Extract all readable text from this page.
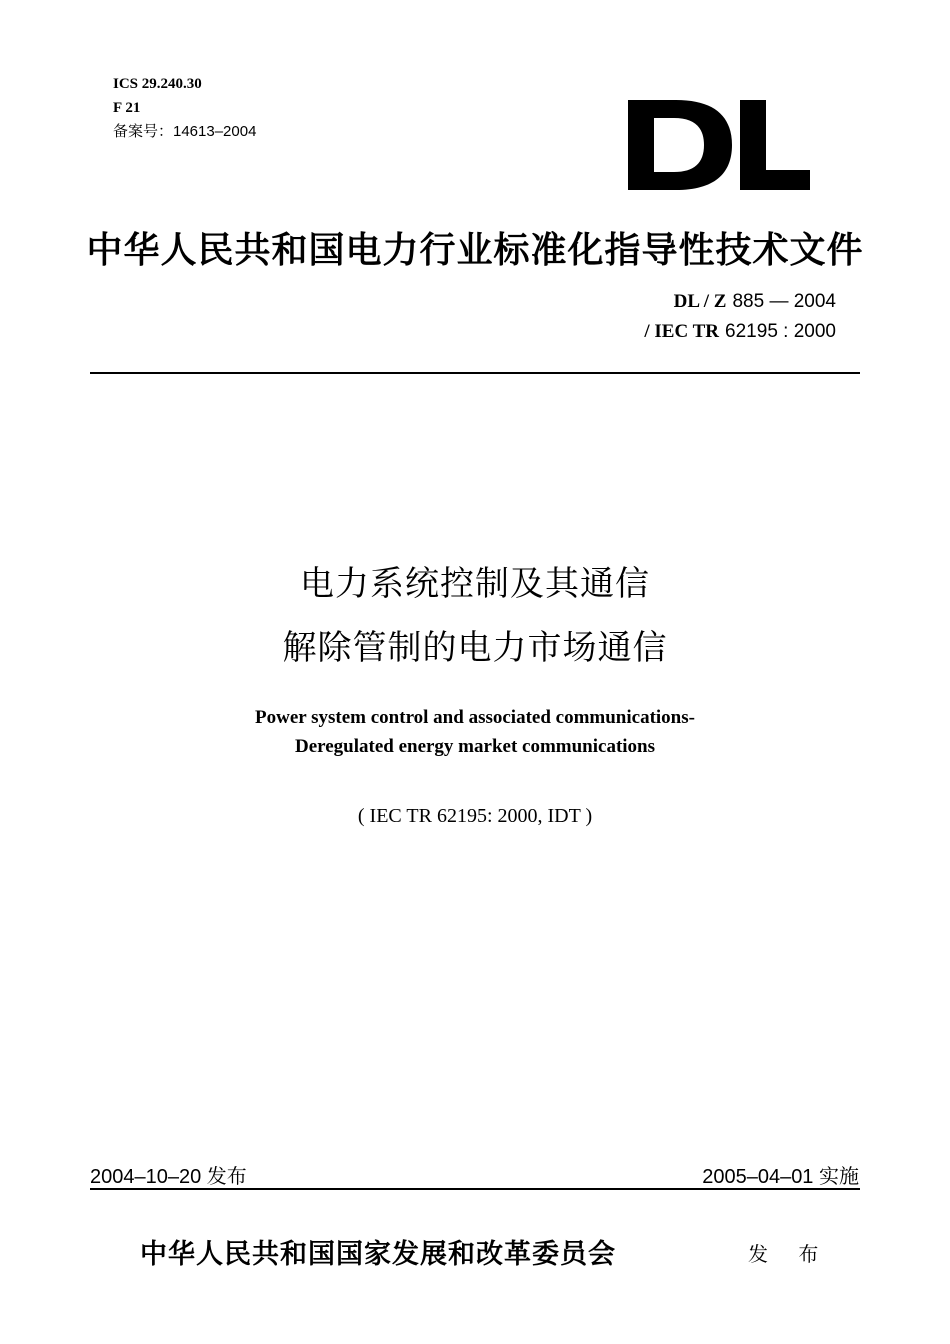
ICS 29.240.30
F 21
备案号：14613–2004
中华人民共和国电力行业标准化指导性技术文件
DL / Z 885 — 2004
/ IEC TR 62195 : 2000
电力系统控制及其通信
解除管制的电力市场通信
Power system control and associated communications-
Deregulated energy market communications
( IEC TR 62195: 2000, IDT )
2004–10–20 发布	2005–04–01 实施
中华人民共和国国家发展和改革委员会	发 布
